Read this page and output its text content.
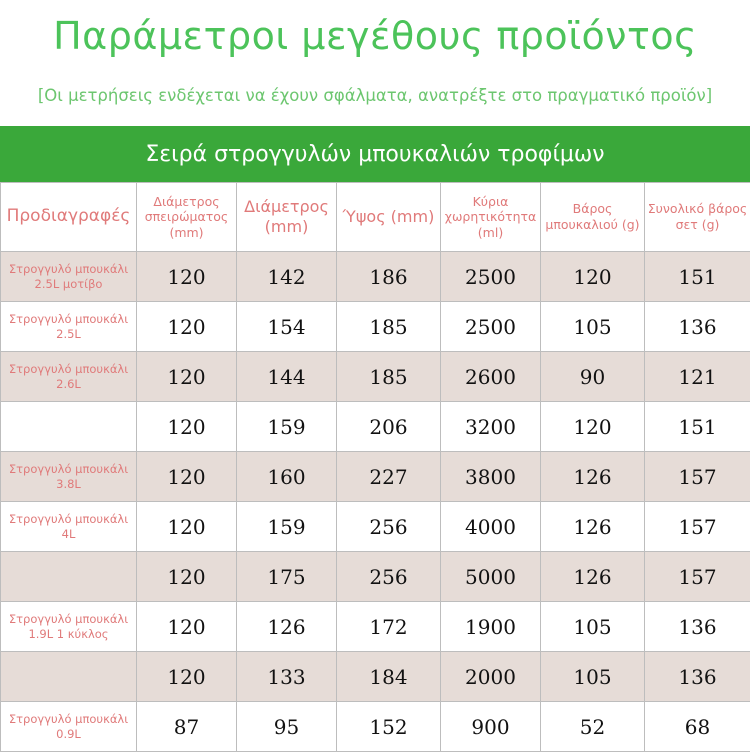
Παράμετροι μεγέθους προϊόντος
[Οι μετρήσεις ενδέχεται να έχουν σφάλματα, ανατρέξτε στο πραγματικό προϊόν]
Σειρά στρογγυλών μπουκαλιών τροφίμων
Προδιαγραφές	Διάμετρος σπειρώματος (mm)	Διάμετρος (mm)	Ύψος (mm)	Κύρια χωρητικότητα (ml)	Βάρος μπουκαλιού (g)	Συνολικό βάρος σετ (g)
Στρογγυλό μπουκάλι 2.5L μοτίβο	120	142	186	2500	120	151
Στρογγυλό μπουκάλι 2.5L	120	154	185	2500	105	136
Στρογγυλό μπουκάλι 2.6L	120	144	185	2600	90	121
	120	159	206	3200	120	151
Στρογγυλό μπουκάλι 3.8L	120	160	227	3800	126	157
Στρογγυλό μπουκάλι 4L	120	159	256	4000	126	157
	120	175	256	5000	126	157
Στρογγυλό μπουκάλι 1.9L 1 κύκλος	120	126	172	1900	105	136
	120	133	184	2000	105	136
Στρογγυλό μπουκάλι 0.9L	87	95	152	900	52	68
